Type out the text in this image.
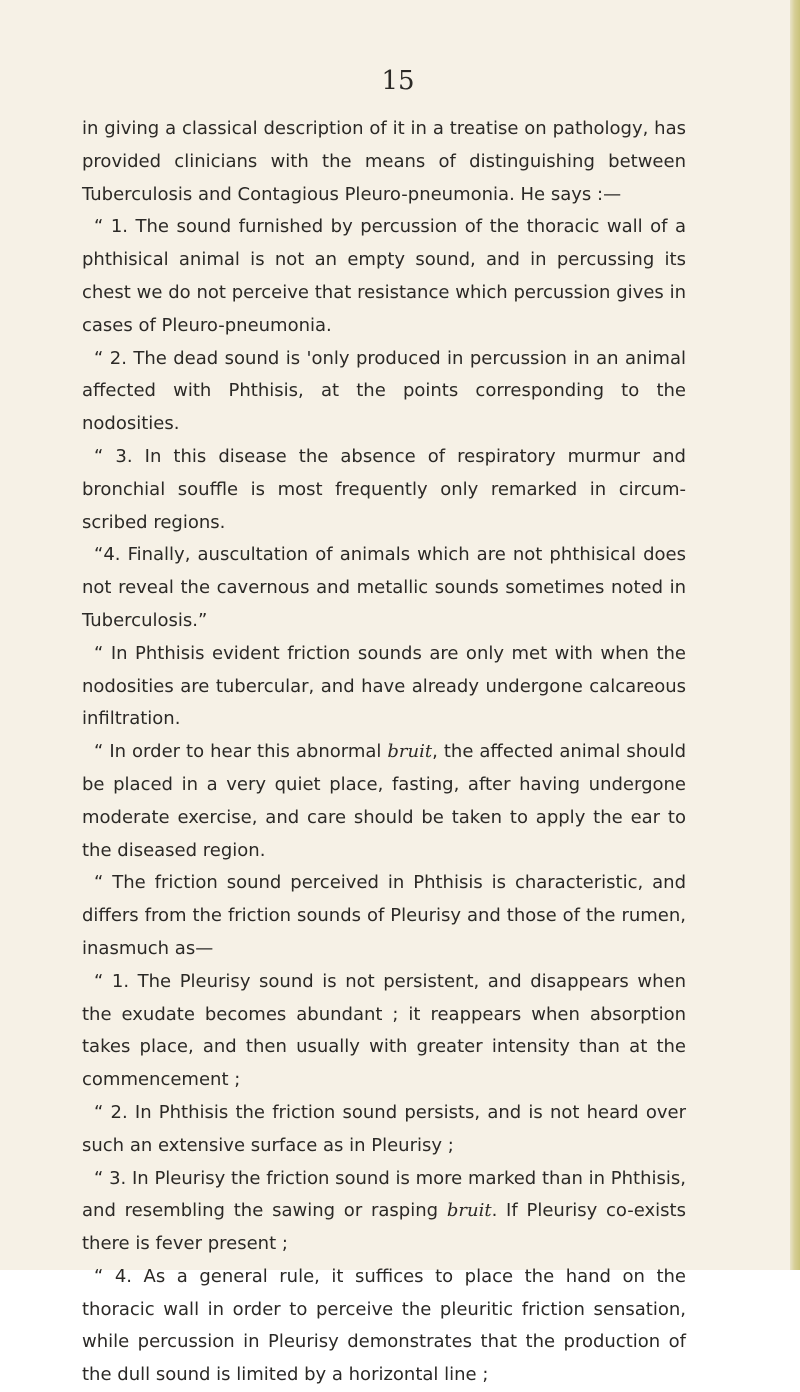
15

in giving a classical description of it in a treatise on pathology, has provided clinicians with the means of distinguishing between Tuberculosis and Contagious Pleuro-pneumonia. He says :—

“ 1. The sound furnished by percussion of the thoracic wall of a phthisical animal is not an empty sound, and in percussing its chest we do not perceive that resistance which percussion gives in cases of Pleuro-pneumonia.

“ 2. The dead sound is 'only produced in percussion in an animal affected with Phthisis, at the points corresponding to the nodosities.

“ 3. In this disease the absence of respiratory murmur and bronchial souffle is most frequently only remarked in circum-scribed regions.

“4. Finally, auscultation of animals which are not phthisical does not reveal the cavernous and metallic sounds sometimes noted in Tuberculosis.”

“ In Phthisis evident friction sounds are only met with when the nodosities are tubercular, and have already undergone calcareous infiltration.

“ In order to hear this abnormal bruit, the affected animal should be placed in a very quiet place, fasting, after having undergone moderate exercise, and care should be taken to apply the ear to the diseased region.

“ The friction sound perceived in Phthisis is characteristic, and differs from the friction sounds of Pleurisy and those of the rumen, inasmuch as—

“ 1. The Pleurisy sound is not persistent, and disappears when the exudate becomes abundant ; it reappears when absorption takes place, and then usually with greater intensity than at the commencement ;

“ 2. In Phthisis the friction sound persists, and is not heard over such an extensive surface as in Pleurisy ;

“ 3. In Pleurisy the friction sound is more marked than in Phthisis, and resembling the sawing or rasping bruit. If Pleurisy co-exists there is fever present ;

“ 4. As a general rule, it suffices to place the hand on the thoracic wall in order to perceive the pleuritic friction sensation, while percussion in Pleurisy demonstrates that the production of the dull sound is limited by a horizontal line ;
